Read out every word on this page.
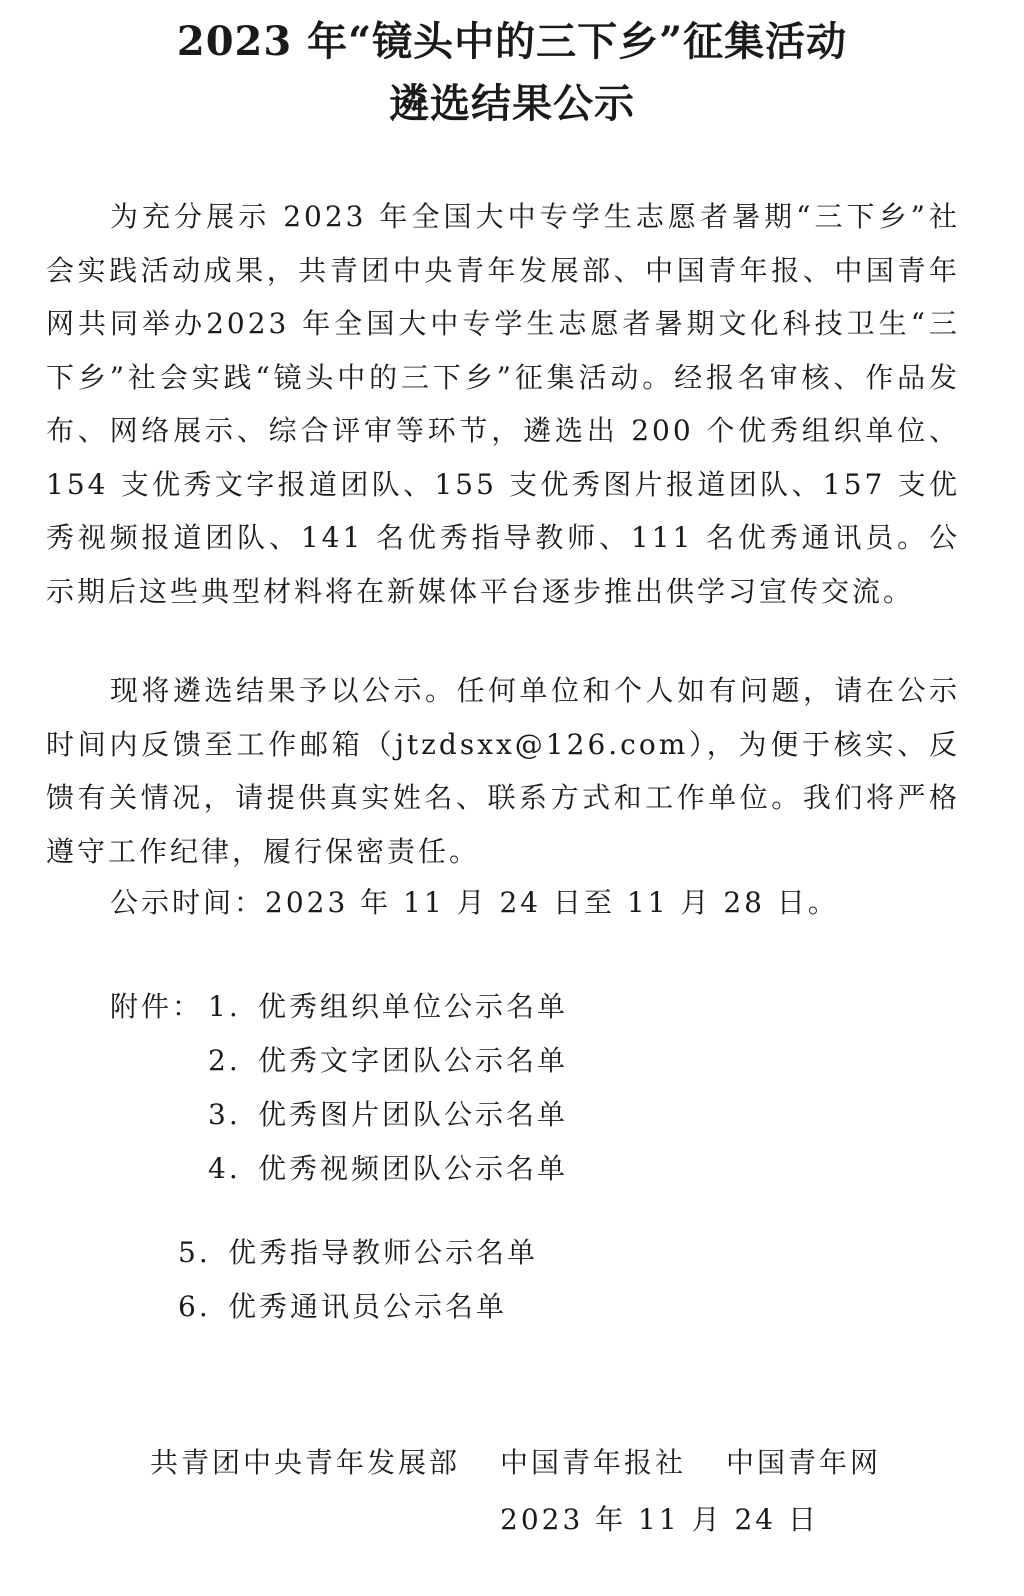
2023 年“镜头中的三下乡”征集活动
遴选结果公示
为充分展示 2023 年全国大中专学生志愿者暑期“三下乡”社会实践活动成果，共青团中央青年发展部、中国青年报、中国青年网共同举办2023 年全国大中专学生志愿者暑期文化科技卫生“三下乡”社会实践“镜头中的三下乡”征集活动。经报名审核、作品发布、网络展示、综合评审等环节，遴选出 200 个优秀组织单位、154 支优秀文字报道团队、155 支优秀图片报道团队、157 支优秀视频报道团队、141 名优秀指导教师、111 名优秀通讯员。公示期后这些典型材料将在新媒体平台逐步推出供学习宣传交流。
现将遴选结果予以公示。任何单位和个人如有问题，请在公示时间内反馈至工作邮箱（jtzdsxx@126.com），为便于核实、反馈有关情况，请提供真实姓名、联系方式和工作单位。我们将严格遵守工作纪律，履行保密责任。
公示时间：2023 年 11 月 24 日至 11 月 28 日。
附件： 1. 优秀组织单位公示名单
2. 优秀文字团队公示名单
3. 优秀图片团队公示名单
4. 优秀视频团队公示名单
5. 优秀指导教师公示名单
6. 优秀通讯员公示名单
共青团中央青年发展部 中国青年报社 中国青年网
2023 年 11 月 24 日
